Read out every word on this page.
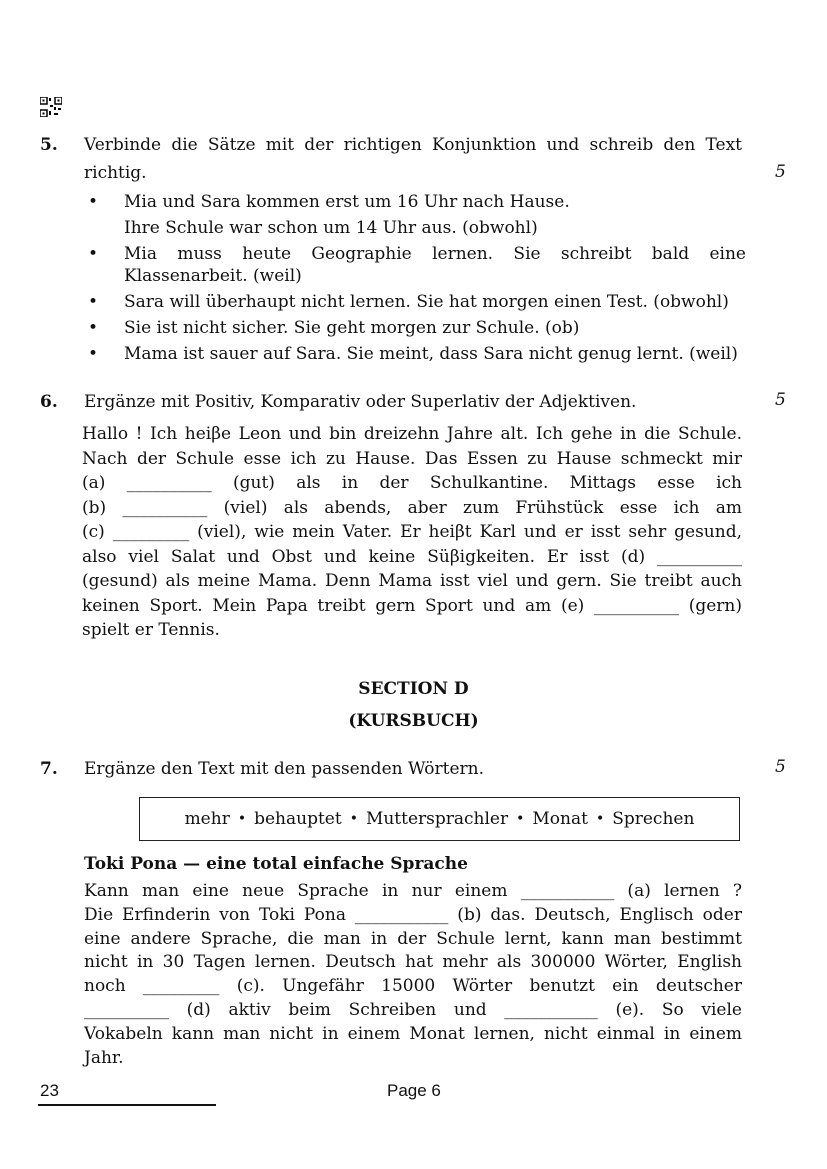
5. Verbinde die Sätze mit der richtigen Konjunktion und schreib den Text
richtig.	5
• Mia und Sara kommen erst um 16 Uhr nach Hause.
Ihre Schule war schon um 14 Uhr aus. (obwohl)
• Mia muss heute Geographie lernen. Sie schreibt bald eine
Klassenarbeit. (weil)
• Sara will überhaupt nicht lernen. Sie hat morgen einen Test. (obwohl)
• Sie ist nicht sicher. Sie geht morgen zur Schule. (ob)
• Mama ist sauer auf Sara. Sie meint, dass Sara nicht genug lernt. (weil)
6. Ergänze mit Positiv, Komparativ oder Superlativ der Adjektiven.	5
Hallo ! Ich heiβe Leon und bin dreizehn Jahre alt. Ich gehe in die Schule.
Nach der Schule esse ich zu Hause. Das Essen zu Hause schmeckt mir
(a) __________ (gut) als in der Schulkantine. Mittags esse ich
(b) __________ (viel) als abends, aber zum Frühstück esse ich am
(c) _________ (viel), wie mein Vater. Er heiβt Karl und er isst sehr gesund,
also viel Salat und Obst und keine Süβigkeiten. Er isst (d) __________
(gesund) als meine Mama. Denn Mama isst viel und gern. Sie treibt auch
keinen Sport. Mein Papa treibt gern Sport und am (e) __________ (gern)
spielt er Tennis.
SECTION D
(KURSBUCH)
7. Ergänze den Text mit den passenden Wörtern.	5
mehr • behauptet • Muttersprachler • Monat • Sprechen
Toki Pona — eine total einfache Sprache
Kann man eine neue Sprache in nur einem ___________ (a) lernen ?
Die Erfinderin von Toki Pona ___________ (b) das. Deutsch, Englisch oder
eine andere Sprache, die man in der Schule lernt, kann man bestimmt
nicht in 30 Tagen lernen. Deutsch hat mehr als 300000 Wörter, English
noch _________ (c). Ungefähr 15000 Wörter benutzt ein deutscher
__________ (d) aktiv beim Schreiben und ___________ (e). So viele
Vokabeln kann man nicht in einem Monat lernen, nicht einmal in einem
Jahr.
23	Page 6
